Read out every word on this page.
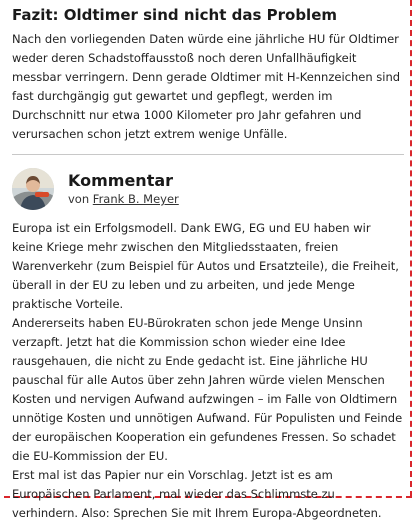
Fazit: Oldtimer sind nicht das Problem

Nach den vorliegenden Daten würde eine jährliche HU für Oldtimer weder deren Schadstoffausstoß noch deren Unfallhäufigkeit messbar verringern. Denn gerade Oldtimer mit H-Kennzeichen sind fast durchgängig gut gewartet und gepflegt, werden im Durchschnitt nur etwa 1000 Kilometer pro Jahr gefahren und verursachen schon jetzt extrem wenige Unfälle.

Kommentar
von Frank B. Meyer

Europa ist ein Erfolgsmodell. Dank EWG, EG und EU haben wir keine Kriege mehr zwischen den Mitgliedsstaaten, freien Warenverkehr (zum Beispiel für Autos und Ersatzteile), die Freiheit, überall in der EU zu leben und zu arbeiten, und jede Menge praktische Vorteile.

Andererseits haben EU-Bürokraten schon jede Menge Unsinn verzapft. Jetzt hat die Kommission schon wieder eine Idee rausgehauen, die nicht zu Ende gedacht ist. Eine jährliche HU pauschal für alle Autos über zehn Jahren würde vielen Menschen Kosten und nervigen Aufwand aufzwingen – im Falle von Oldtimern unnötige Kosten und unnötigen Aufwand. Für Populisten und Feinde der europäischen Kooperation ein gefundenes Fressen. So schadet die EU-Kommission der EU.

Erst mal ist das Papier nur ein Vorschlag. Jetzt ist es am Europäischen Parlament, mal wieder das Schlimmste zu verhindern. Also: Sprechen Sie mit Ihrem Europa-Abgeordneten.
